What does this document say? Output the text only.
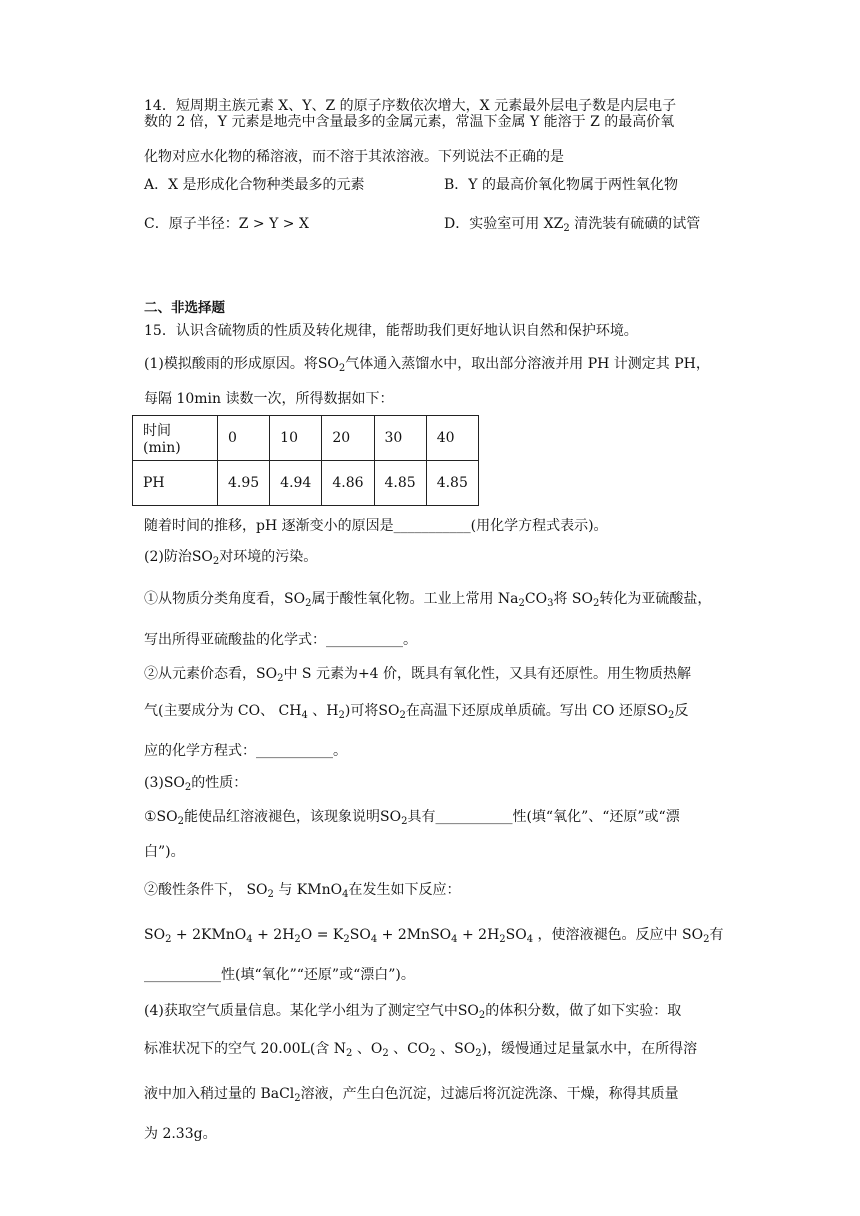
14．短周期主族元素 X、Y、Z 的原子序数依次增大，X 元素最外层电子数是内层电子
数的 2 倍，Y 元素是地壳中含量最多的金属元素，常温下金属 Y 能溶于 Z 的最高价氧
化物对应水化物的稀溶液，而不溶于其浓溶液。下列说法不正确的是
A．X 是形成化合物种类最多的元素	B．Y 的最高价氧化物属于两性氧化物
C．原子半径：Z > Y > X	D．实验室可用 $XZ_2$ 清洗装有硫磺的试管
二、非选择题
15．认识含硫物质的性质及转化规律，能帮助我们更好地认识自然和保护环境。
(1)模拟酸雨的形成原因。将$SO_2$气体通入蒸馏水中，取出部分溶液并用 PH 计测定其 PH，
每隔 10min 读数一次，所得数据如下：
时间(min)	0	10	20	30	40
PH	4.95	4.94	4.86	4.85	4.85
随着时间的推移，pH 逐渐变小的原因是___________(用化学方程式表示)。
(2)防治$SO_2$对环境的污染。
①从物质分类角度看，$SO_2$属于酸性氧化物。工业上常用 $Na_2CO_3$将 $SO_2$转化为亚硫酸盐，
写出所得亚硫酸盐的化学式：___________。
②从元素价态看，$SO_2$中 S 元素为+4 价，既具有氧化性，又具有还原性。用生物质热解
气(主要成分为 CO、 $CH_4$ 、$H_2$)可将$SO_2$在高温下还原成单质硫。写出 CO 还原$SO_2$反
应的化学方程式：___________。
$(3)SO_2$的性质：
$①SO_2$能使品红溶液褪色，该现象说明$SO_2$具有___________性(填“氧化”、“还原”或“漂
白”)。
②酸性条件下， $SO_2$ 与 KMnO$_4$在发生如下反应：
$SO_2$ + 2KMnO$_4$ + $2H_2O = K_2SO_4$ + 2MnSO$_4$ + $2H_2SO_4$ ，使溶液褪色。反应中 $SO_2$有
___________性(填“氧化”“还原”或“漂白”)。
(4)获取空气质量信息。某化学小组为了测定空气中$SO_2$的体积分数，做了如下实验：取
标准状况下的空气 20.00L(含 $N_2$ 、$O_2$ 、$CO_2$ 、$SO_2$)，缓慢通过足量氯水中，在所得溶
液中加入稍过量的 BaCl$_2$溶液，产生白色沉淀，过滤后将沉淀洗涤、干燥，称得其质量
为 2.33g。
